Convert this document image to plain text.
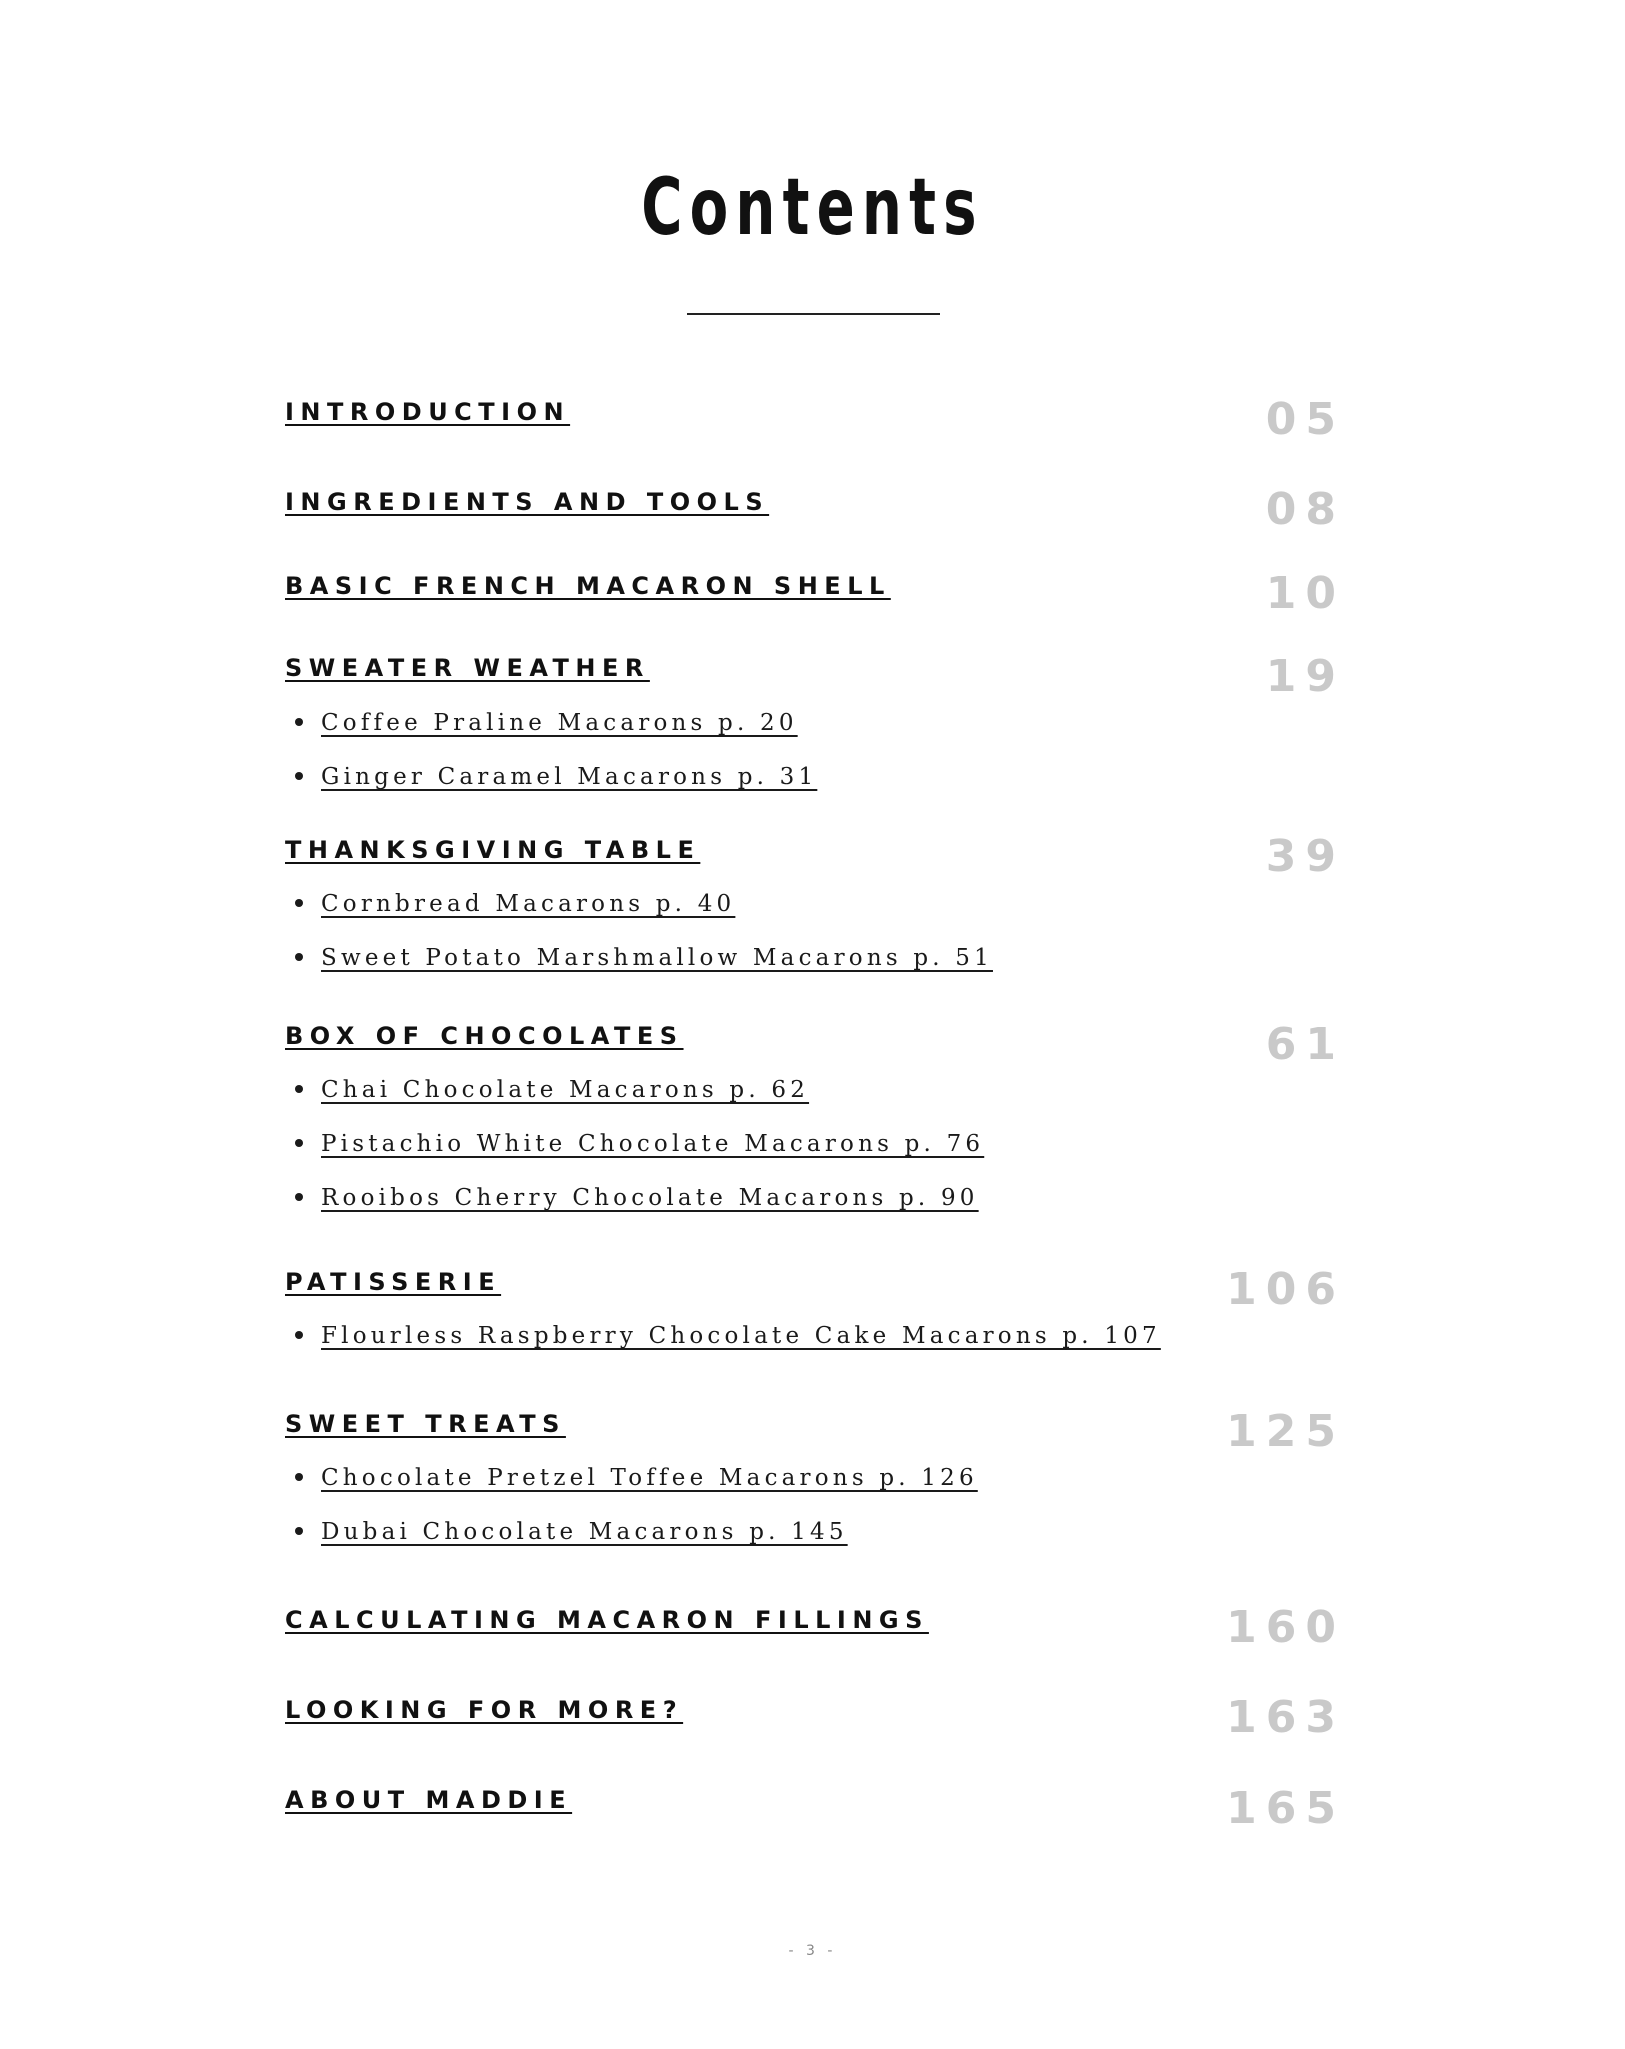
Contents
INTRODUCTION	05
INGREDIENTS AND TOOLS	08
BASIC FRENCH MACARON SHELL	10
SWEATER WEATHER	19
Coffee Praline Macarons p. 20
Ginger Caramel Macarons p. 31
THANKSGIVING TABLE	39
Cornbread Macarons p. 40
Sweet Potato Marshmallow Macarons p. 51
BOX OF CHOCOLATES	61
Chai Chocolate Macarons p. 62
Pistachio White Chocolate Macarons p. 76
Rooibos Cherry Chocolate Macarons p. 90
PATISSERIE	106
Flourless Raspberry Chocolate Cake Macarons p. 107
SWEET TREATS	125
Chocolate Pretzel Toffee Macarons p. 126
Dubai Chocolate Macarons p. 145
CALCULATING MACARON FILLINGS	160
LOOKING FOR MORE?	163
ABOUT MADDIE	165
- 3 -
